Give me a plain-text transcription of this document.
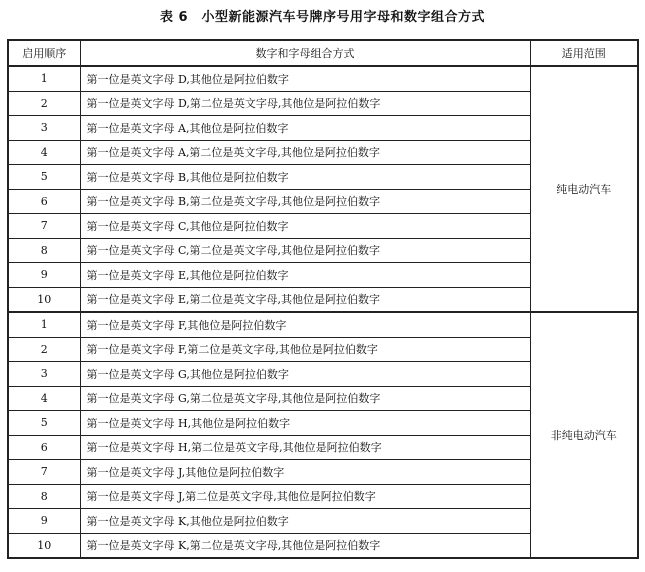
表 6　小型新能源汽车号牌序号用字母和数字组合方式
启用顺序	数字和字母组合方式	适用范围
1	第一位是英文字母 D,其他位是阿拉伯数字	纯电动汽车
2	第一位是英文字母 D,第二位是英文字母,其他位是阿拉伯数字	
3	第一位是英文字母 A,其他位是阿拉伯数字	
4	第一位是英文字母 A,第二位是英文字母,其他位是阿拉伯数字	
5	第一位是英文字母 B,其他位是阿拉伯数字	
6	第一位是英文字母 B,第二位是英文字母,其他位是阿拉伯数字	
7	第一位是英文字母 C,其他位是阿拉伯数字	
8	第一位是英文字母 C,第二位是英文字母,其他位是阿拉伯数字	
9	第一位是英文字母 E,其他位是阿拉伯数字	
10	第一位是英文字母 E,第二位是英文字母,其他位是阿拉伯数字	
1	第一位是英文字母 F,其他位是阿拉伯数字	非纯电动汽车
2	第一位是英文字母 F,第二位是英文字母,其他位是阿拉伯数字	
3	第一位是英文字母 G,其他位是阿拉伯数字	
4	第一位是英文字母 G,第二位是英文字母,其他位是阿拉伯数字	
5	第一位是英文字母 H,其他位是阿拉伯数字	
6	第一位是英文字母 H,第二位是英文字母,其他位是阿拉伯数字	
7	第一位是英文字母 J,其他位是阿拉伯数字	
8	第一位是英文字母 J,第二位是英文字母,其他位是阿拉伯数字	
9	第一位是英文字母 K,其他位是阿拉伯数字	
10	第一位是英文字母 K,第二位是英文字母,其他位是阿拉伯数字	
